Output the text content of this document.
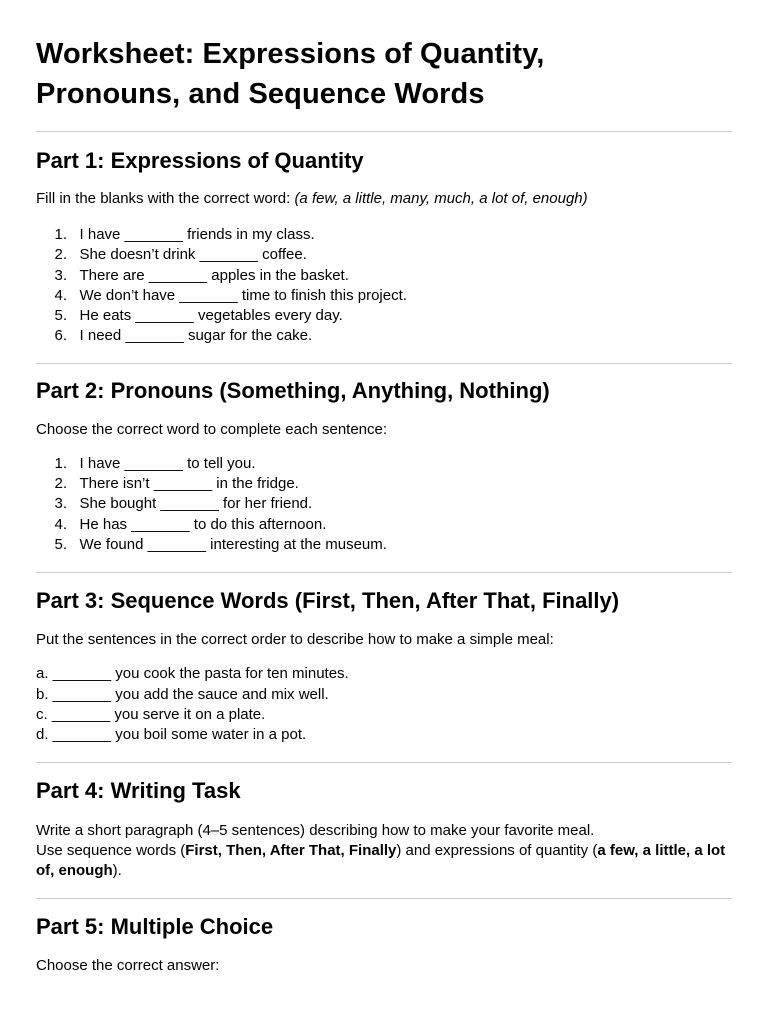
Worksheet: Expressions of Quantity,
Pronouns, and Sequence Words
Part 1: Expressions of Quantity

Fill in the blanks with the correct word: (a few, a little, many, much, a lot of, enough)

1. I have _______ friends in my class.
2. She doesn’t drink _______ coffee.
3. There are _______ apples in the basket.
4. We don’t have _______ time to finish this project.
5. He eats _______ vegetables every day.
6. I need _______ sugar for the cake.
Part 2: Pronouns (Something, Anything, Nothing)

Choose the correct word to complete each sentence:

1. I have _______ to tell you.
2. There isn’t _______ in the fridge.
3. She bought _______ for her friend.
4. He has _______ to do this afternoon.
5. We found _______ interesting at the museum.
Part 3: Sequence Words (First, Then, After That, Finally)

Put the sentences in the correct order to describe how to make a simple meal:

a. _______ you cook the pasta for ten minutes.
b. _______ you add the sauce and mix well.
c. _______ you serve it on a plate.
d. _______ you boil some water in a pot.
Part 4: Writing Task

Write a short paragraph (4–5 sentences) describing how to make your favorite meal.
Use sequence words (First, Then, After That, Finally) and expressions of quantity (a few, a little, a lot of, enough).

Part 5: Multiple Choice

Choose the correct answer:
